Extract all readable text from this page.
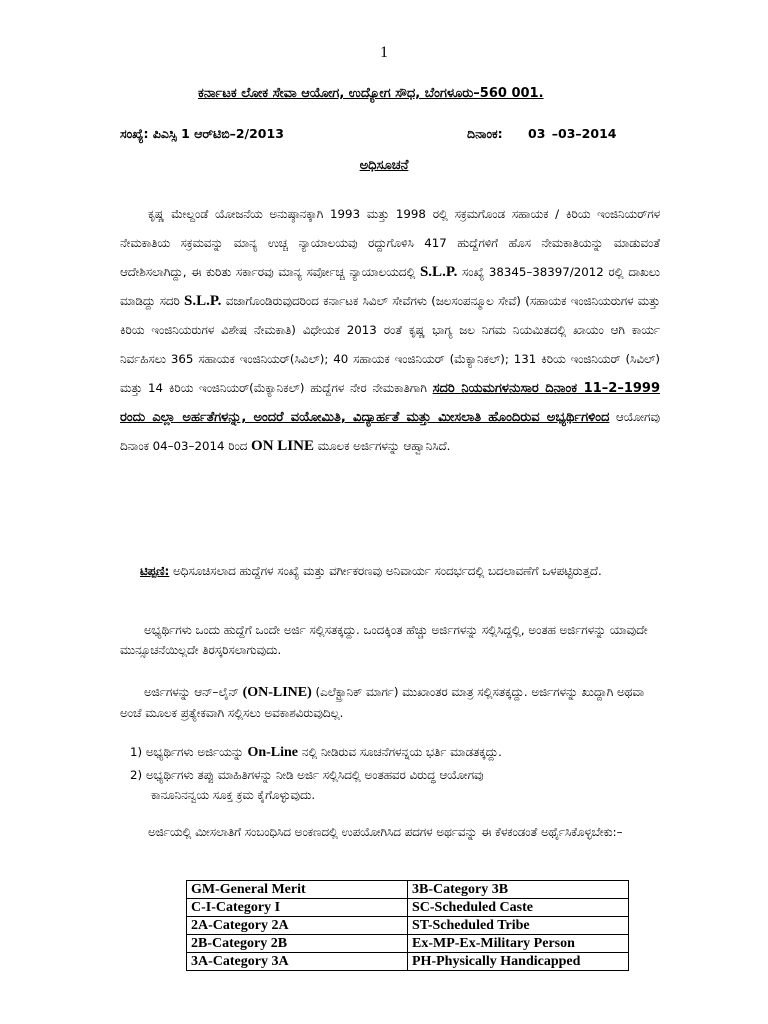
1
ಕರ್ನಾಟಕ ಲೋಕ ಸೇವಾ ಆಯೋಗ, ಉದ್ಯೋಗ ಸೌಧ, ಬೆಂಗಳೂರು–560 001.
ಸಂಖ್ಯೆ: ಪಿಎಸ್ಸಿ 1 ಆರ್‌ಟಿಬಿ–2/2013	ದಿನಾಂಕ: 03 –03–2014
ಅಧಿಸೂಚನೆ
ಕೃಷ್ಣ ಮೇಲ್ದಂಡೆ ಯೋಜನೆಯ ಅನುಷ್ಠಾನಕ್ಕಾಗಿ 1993 ಮತ್ತು 1998 ರಲ್ಲಿ ಸಕ್ರಮಗೊಂಡ ಸಹಾಯಕ / ಕಿರಿಯ ಇಂಜಿನಿಯರ್‌ಗಳ ನೇಮಕಾತಿಯ ಸಕ್ರಮವನ್ನು ಮಾನ್ಯ ಉಚ್ಚ ನ್ಯಾಯಾಲಯವು ರದ್ದುಗೊಳಿಸಿ 417 ಹುದ್ದೆಗಳಿಗೆ ಹೊಸ ನೇಮಕಾತಿಯನ್ನು ಮಾಡುವಂತೆ ಆದೇಶಿಸಲಾಗಿದ್ದು, ಈ ಕುರಿತು ಸರ್ಕಾರವು ಮಾನ್ಯ ಸರ್ವೋಚ್ಚ ನ್ಯಾಯಾಲಯದಲ್ಲಿ S.L.P. ಸಂಖ್ಯೆ 38345–38397/2012 ರಲ್ಲಿ ದಾಖಲು ಮಾಡಿದ್ದು ಸದರಿ S.L.P. ವಜಾಗೊಂಡಿರುವುದರಿಂದ ಕರ್ನಾಟಕ ಸಿವಿಲ್ ಸೇವೆಗಳು (ಜಲಸಂಪನ್ಮೂಲ ಸೇವೆ) (ಸಹಾಯಕ ಇಂಜಿನಿಯರುಗಳ ಮತ್ತು ಕಿರಿಯ ಇಂಜಿನಿಯರುಗಳ ವಿಶೇಷ ನೇಮಕಾತಿ) ವಿಧೇಯಕ 2013 ರಂತೆ ಕೃಷ್ಣ ಭಾಗ್ಯ ಜಲ ನಿಗಮ ನಿಯಮಿತದಲ್ಲಿ ಖಾಯಂ ಆಗಿ ಕಾರ್ಯ ನಿರ್ವಹಿಸಲು 365 ಸಹಾಯಕ ಇಂಜಿನಿಯರ್(ಸಿವಿಲ್); 40 ಸಹಾಯಕ ಇಂಜಿನಿಯರ್ (ಮೆಕ್ಯಾನಿಕಲ್); 131 ಕಿರಿಯ ಇಂಜಿನಿಯರ್ (ಸಿವಿಲ್) ಮತ್ತು 14 ಕಿರಿಯ ಇಂಜಿನಿಯರ್(ಮೆಕ್ಯಾನಿಕಲ್) ಹುದ್ದೆಗಳ ನೇರ ನೇಮಕಾತಿಗಾಗಿ ಸದರಿ ನಿಯಮಗಳನುಸಾರ ದಿನಾಂಕ 11–2–1999 ರಂದು ಎಲ್ಲಾ ಅರ್ಹತೆಗಳನ್ನು, ಅಂದರೆ ವಯೋಮಿತಿ, ವಿದ್ಯಾರ್ಹತೆ ಮತ್ತು ಮೀಸಲಾತಿ ಹೊಂದಿರುವ ಅಭ್ಯರ್ಥಿಗಳಿಂದ ಆಯೋಗವು ದಿನಾಂಕ 04–03–2014 ರಿಂದ ON LINE ಮೂಲಕ ಅರ್ಜಿಗಳನ್ನು ಆಹ್ವಾನಿಸಿದೆ.
ಟಿಪ್ಪಣಿ: ಅಧಿಸೂಚಿಸಲಾದ ಹುದ್ದೆಗಳ ಸಂಖ್ಯೆ ಮತ್ತು ವರ್ಗೀಕರಣವು ಅನಿವಾರ್ಯ ಸಂದರ್ಭದಲ್ಲಿ ಬದಲಾವಣೆಗೆ ಒಳಪಟ್ಟಿರುತ್ತದೆ.
ಅಭ್ಯರ್ಥಿಗಳು ಒಂದು ಹುದ್ದೆಗೆ ಒಂದೇ ಅರ್ಜಿ ಸಲ್ಲಿಸತಕ್ಕದ್ದು. ಒಂದಕ್ಕಿಂತ ಹೆಚ್ಚು ಅರ್ಜಿಗಳನ್ನು ಸಲ್ಲಿಸಿದ್ದಲ್ಲಿ, ಅಂತಹ ಅರ್ಜಿಗಳನ್ನು ಯಾವುದೇ ಮುನ್ಸೂಚನೆಯಿಲ್ಲದೇ ತಿರಸ್ಕರಿಸಲಾಗುವುದು.
ಅರ್ಜಿಗಳನ್ನು ಆನ್–ಲೈನ್ (ON-LINE) (ಎಲೆಕ್ಟ್ರಾನಿಕ್ ಮಾರ್ಗ) ಮುಖಾಂತರ ಮಾತ್ರ ಸಲ್ಲಿಸತಕ್ಕದ್ದು. ಅರ್ಜಿಗಳನ್ನು ಖುದ್ದಾಗಿ ಅಥವಾ ಅಂಚೆ ಮೂಲಕ ಪ್ರತ್ಯೇಕವಾಗಿ ಸಲ್ಲಿಸಲು ಅವಕಾಶವಿರುವುದಿಲ್ಲ.
1) ಅಭ್ಯರ್ಥಿಗಳು ಅರ್ಜಿಯನ್ನು On-Line ನಲ್ಲಿ ನೀಡಿರುವ ಸೂಚನೆಗಳನ್ನಯ ಭರ್ತಿ ಮಾಡತಕ್ಕದ್ದು.
2) ಅಭ್ಯರ್ಥಿಗಳು ತಪ್ಪು ಮಾಹಿತಿಗಳನ್ನು ನೀಡಿ ಅರ್ಜಿ ಸಲ್ಲಿಸಿದಲ್ಲಿ ಅಂತಹವರ ವಿರುದ್ಧ ಆಯೋಗವು
ಕಾನೂನಿನನ್ವಯ ಸೂಕ್ತ ಕ್ರಮ ಕೈಗೊಳ್ಳುವುದು.
ಅರ್ಜಿಯಲ್ಲಿ ಮೀಸಲಾತಿಗೆ ಸಂಬಂಧಿಸಿದ ಅಂಕಣದಲ್ಲಿ ಉಪಯೋಗಿಸಿದ ಪದಗಳ ಅರ್ಥವನ್ನು ಈ ಕೆಳಕಂಡಂತೆ ಅರ್ಥೈಸಿಕೊಳ್ಳಬೇಕು:–
GM-General Merit	3B-Category 3B
C-I-Category I	SC-Scheduled Caste
2A-Category 2A	ST-Scheduled Tribe
2B-Category 2B	Ex-MP-Ex-Military Person
3A-Category 3A	PH-Physically Handicapped
